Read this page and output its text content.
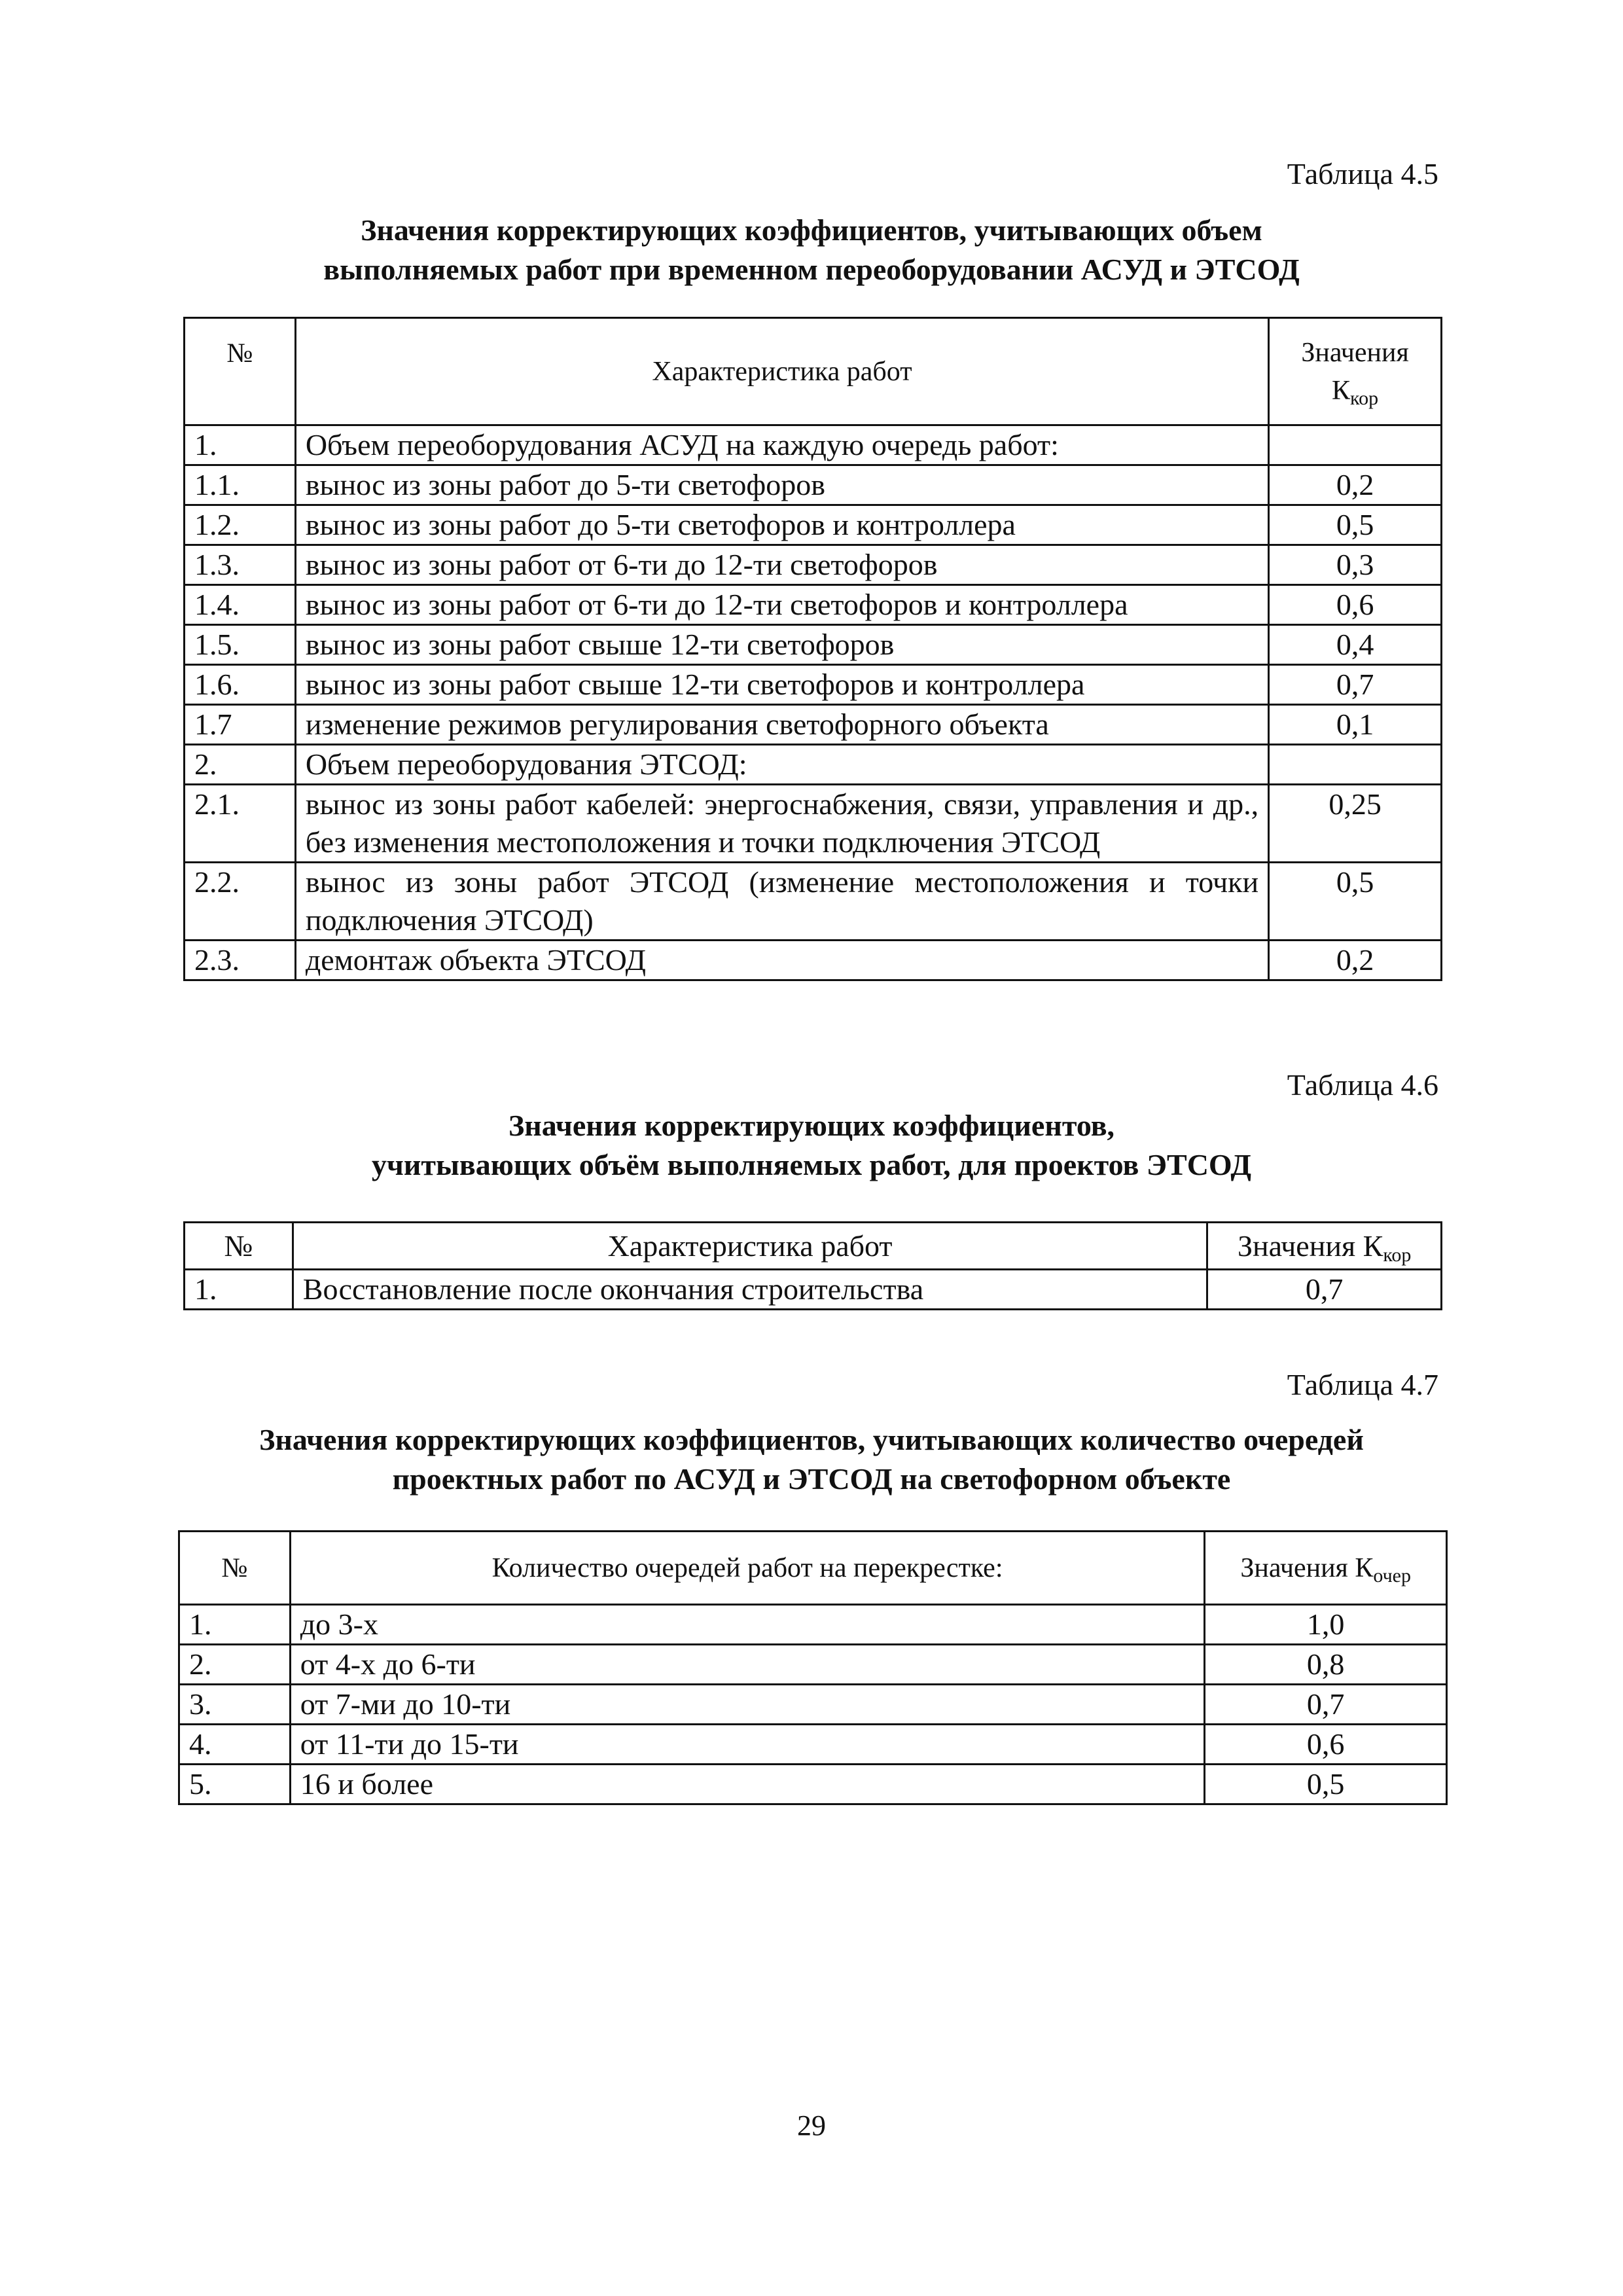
Таблица 4.5
Значения корректирующих коэффициентов, учитывающих объем
выполняемых работ при временном переоборудовании АСУД и ЭТСОД
№	Характеристика работ	Значения
$К_{кор}$
1.	Объем переоборудования АСУД на каждую очередь работ:	
1.1.	вынос из зоны работ до 5-ти светофоров	0,2
1.2.	вынос из зоны работ до 5-ти светофоров и контроллера	0,5
1.3.	вынос из зоны работ от 6-ти до 12-ти светофоров	0,3
1.4.	вынос из зоны работ от 6-ти до 12-ти светофоров и контроллера	0,6
1.5.	вынос из зоны работ свыше 12-ти светофоров	0,4
1.6.	вынос из зоны работ свыше 12-ти светофоров и контроллера	0,7
1.7	изменение режимов регулирования светофорного объекта	0,1
2.	Объем переоборудования ЭТСОД:	
2.1.	вынос из зоны работ кабелей: энергоснабжения, связи, управления и др., без изменения местоположения и точки подключения ЭТСОД	0,25
2.2.	вынос из зоны работ ЭТСОД (изменение местоположения и точки подключения ЭТСОД)	0,5
2.3.	демонтаж объекта ЭТСОД	0,2
Таблица 4.6
Значения корректирующих коэффициентов,
учитывающих объём выполняемых работ, для проектов ЭТСОД
№	Характеристика работ	Значения $К_{кор}$
1.	Восстановление после окончания строительства	0,7
Таблица 4.7
Значения корректирующих коэффициентов, учитывающих количество очередей
проектных работ по АСУД и ЭТСОД на светофорном объекте
№	Количество очередей работ на перекрестке:	Значения $К_{очер}$
1.	до 3-х	1,0
2.	от 4-х до 6-ти	0,8
3.	от 7-ми до 10-ти	0,7
4.	от 11-ти до 15-ти	0,6
5.	16 и более	0,5
29
